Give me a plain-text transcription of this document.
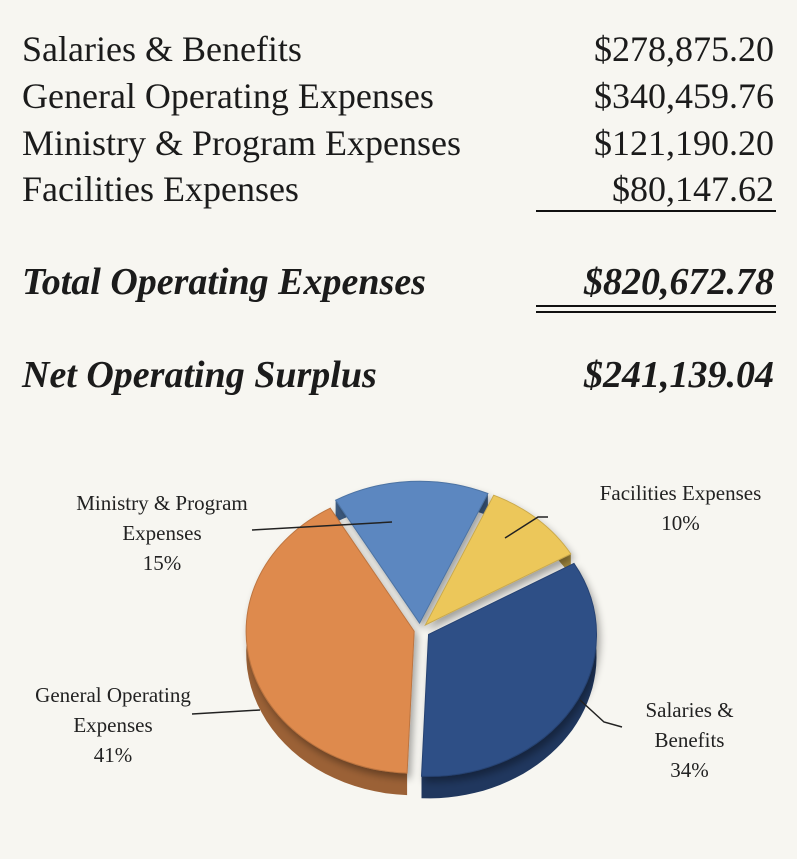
Salaries & Benefits	$278,875.20
General Operating Expenses	$340,459.76
Ministry & Program Expenses	$121,190.20
Facilities Expenses	$80,147.62
Total Operating Expenses	$820,672.78
Net Operating Surplus	$241,139.04
Ministry & Program
Expenses
15%
Facilities Expenses
10%
General Operating
Expenses
41%
Salaries &
Benefits
34%
